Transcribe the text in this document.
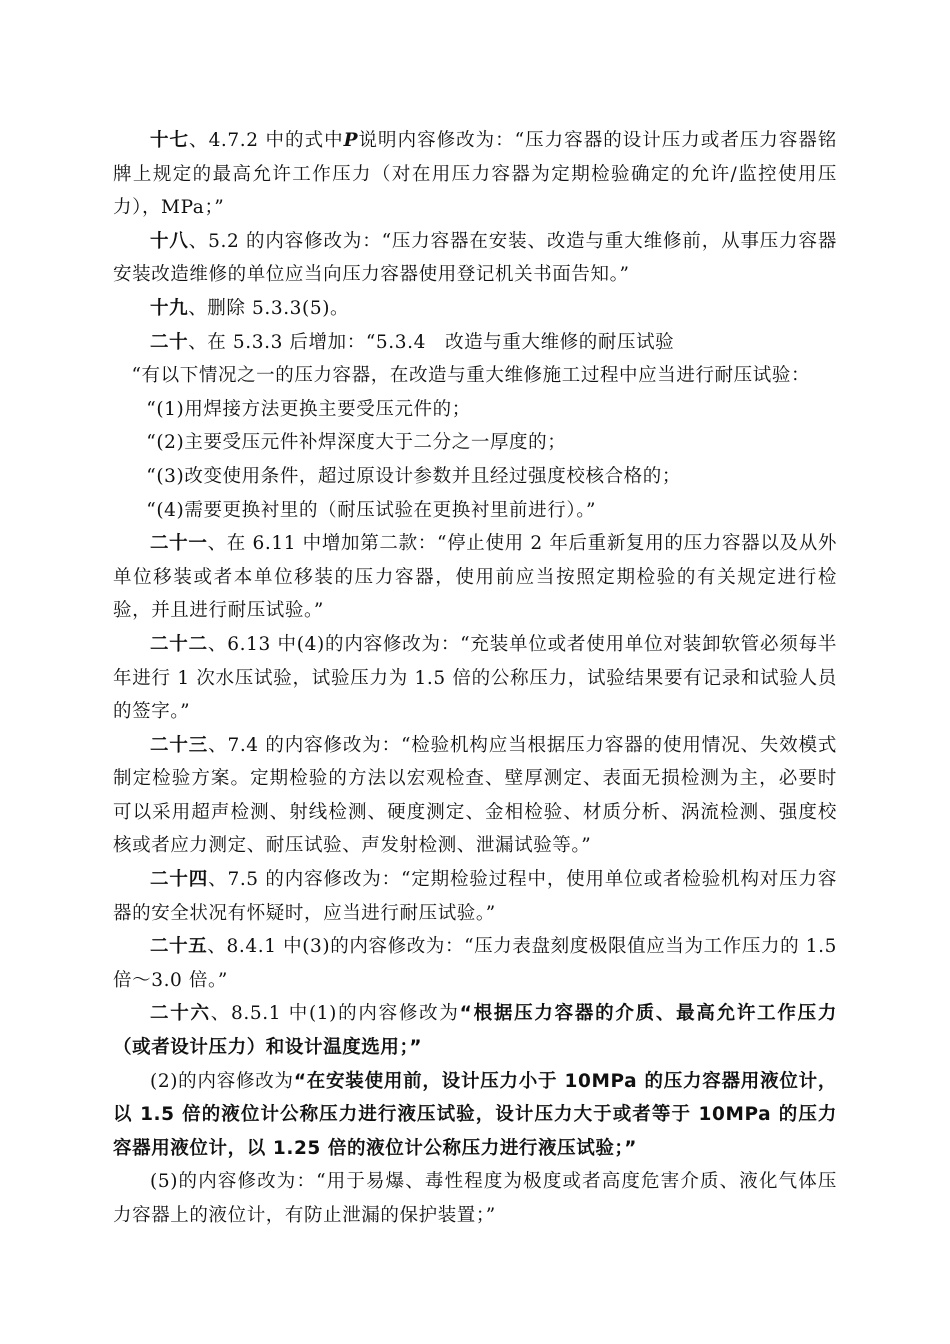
十七、4.7.2 中的式中P说明内容修改为：“压力容器的设计压力或者压力容器铭牌上规定的最高允许工作压力（对在用压力容器为定期检验确定的允许/监控使用压力），MPa；”

十八、5.2 的内容修改为：“压力容器在安装、改造与重大维修前，从事压力容器安装改造维修的单位应当向压力容器使用登记机关书面告知。”

十九、删除 5.3.3(5)。

二十、在 5.3.3 后增加：“5.3.4　改造与重大维修的耐压试验

“有以下情况之一的压力容器，在改造与重大维修施工过程中应当进行耐压试验：

“(1)用焊接方法更换主要受压元件的；

“(2)主要受压元件补焊深度大于二分之一厚度的；

“(3)改变使用条件，超过原设计参数并且经过强度校核合格的；

“(4)需要更换衬里的（耐压试验在更换衬里前进行）。”

二十一、在 6.11 中增加第二款：“停止使用 2 年后重新复用的压力容器以及从外单位移装或者本单位移装的压力容器，使用前应当按照定期检验的有关规定进行检验，并且进行耐压试验。”

二十二、6.13 中(4)的内容修改为：“充装单位或者使用单位对装卸软管必须每半年进行 1 次水压试验，试验压力为 1.5 倍的公称压力，试验结果要有记录和试验人员的签字。”

二十三、7.4 的内容修改为：“检验机构应当根据压力容器的使用情况、失效模式制定检验方案。定期检验的方法以宏观检查、壁厚测定、表面无损检测为主，必要时可以采用超声检测、射线检测、硬度测定、金相检验、材质分析、涡流检测、强度校核或者应力测定、耐压试验、声发射检测、泄漏试验等。”

二十四、7.5 的内容修改为：“定期检验过程中，使用单位或者检验机构对压力容器的安全状况有怀疑时，应当进行耐压试验。”

二十五、8.4.1 中(3)的内容修改为：“压力表盘刻度极限值应当为工作压力的 1.5 倍～3.0 倍。”

二十六、8.5.1 中(1)的内容修改为“根据压力容器的介质、最高允许工作压力（或者设计压力）和设计温度选用；”

(2)的内容修改为“在安装使用前，设计压力小于 10MPa 的压力容器用液位计，以 1.5 倍的液位计公称压力进行液压试验，设计压力大于或者等于 10MPa 的压力容器用液位计，以 1.25 倍的液位计公称压力进行液压试验；”

(5)的内容修改为：“用于易爆、毒性程度为极度或者高度危害介质、液化气体压力容器上的液位计，有防止泄漏的保护装置；”
